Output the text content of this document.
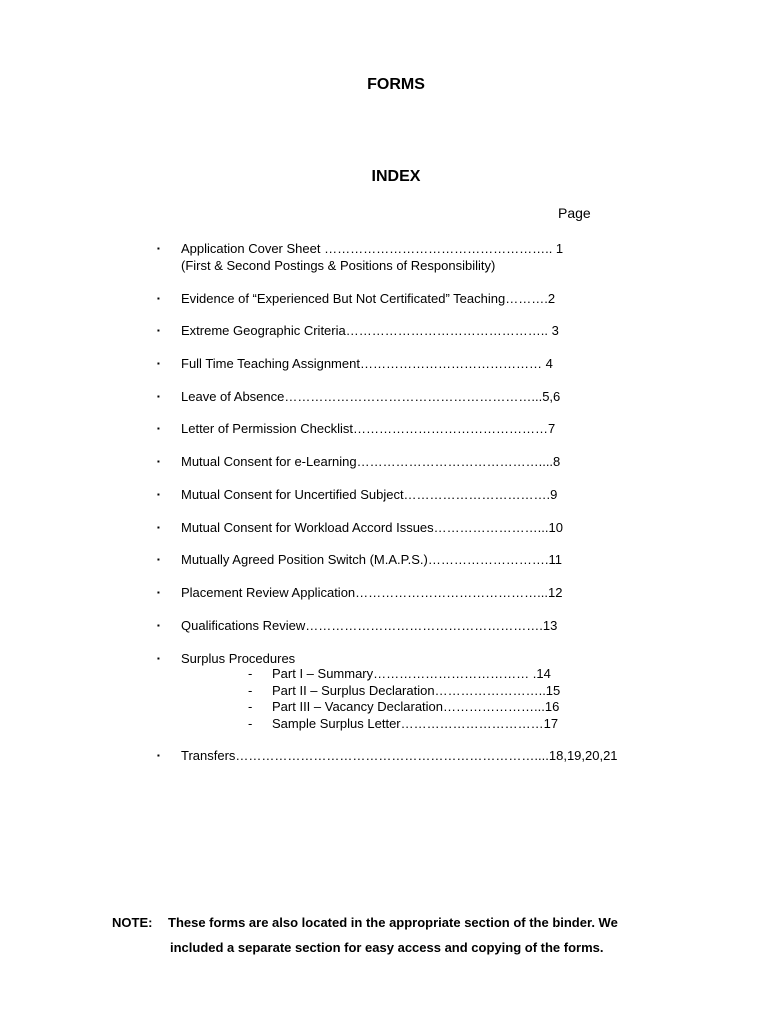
FORMS
INDEX
Page
▪ Application Cover Sheet …………………………………………….. 1
(First & Second Postings & Positions of Responsibility)
▪ Evidence of “Experienced But Not Certificated” Teaching……….2
▪ Extreme Geographic Criteria……………………………………….. 3
▪ Full Time Teaching Assignment…………………………………… 4
▪ Leave of Absence…………………………………………………...5,6
▪ Letter of Permission Checklist………………………………………7
▪ Mutual Consent for e-Learning……………………………………....8
▪ Mutual Consent for Uncertified Subject…………………………….9
▪ Mutual Consent for Workload Accord Issues……………………...10
▪ Mutually Agreed Position Switch (M.A.P.S.)……………………….11
▪ Placement Review Application……………………………………...12
▪ Qualifications Review……………………………………………….13
▪ Surplus Procedures
- Part I – Summary……………………………… .14
- Part II – Surplus Declaration……………………..15
- Part III – Vacancy Declaration…………………...16
- Sample Surplus Letter……………………………17
▪ Transfers……………………………………………………………....18,19,20,21
NOTE: These forms are also located in the appropriate section of the binder. We
included a separate section for easy access and copying of the forms.
